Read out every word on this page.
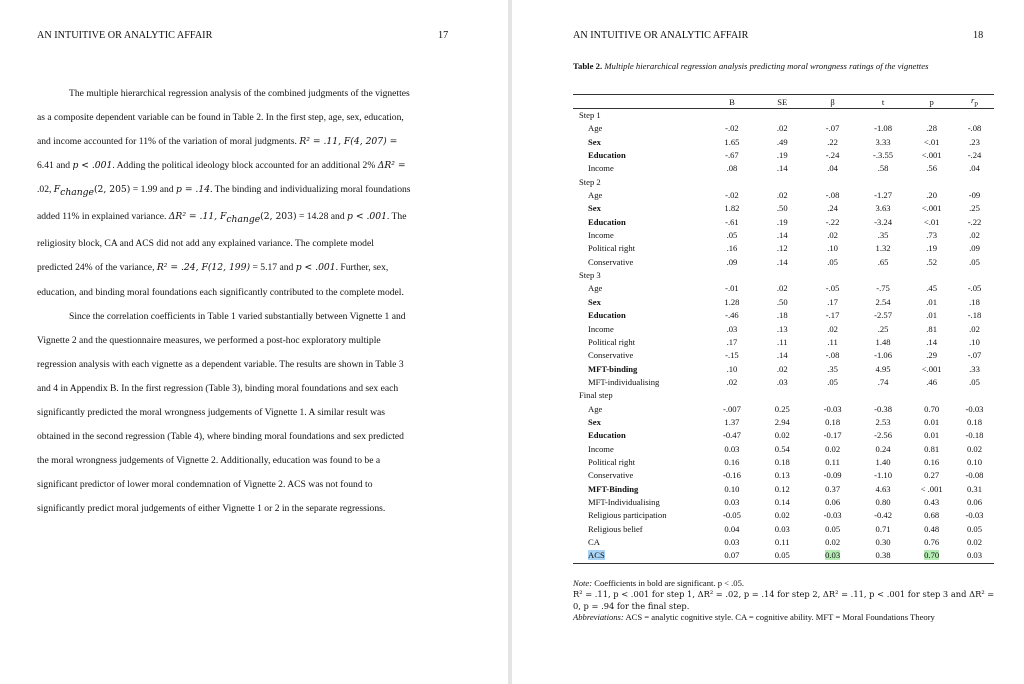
AN INTUITIVE OR ANALYTIC AFFAIR	17

The multiple hierarchical regression analysis of the combined judgments of the vignettes
as a composite dependent variable can be found in Table 2. In the first step, age, sex, education,
and income accounted for 11% of the variation of moral judgments. R² = .11, F(4, 207) =
6.41 and p < .001. Adding the political ideology block accounted for an additional 2% ΔR² =
.02, $F_{change}(2$, 205) = 1.99 and p = .14. The binding and individualizing moral foundations
added 11% in explained variance. ΔR² = .11, $F_{change}(2$, 203) = 14.28 and p < .001. The
religiosity block, CA and ACS did not add any explained variance. The complete model
predicted 24% of the variance, R² = .24, F(12, 199) = 5.17 and p < .001. Further, sex,
education, and binding moral foundations each significantly contributed to the complete model.

Since the correlation coefficients in Table 1 varied substantially between Vignette 1 and
Vignette 2 and the questionnaire measures, we performed a post-hoc exploratory multiple
regression analysis with each vignette as a dependent variable. The results are shown in Table 3
and 4 in Appendix B. In the first regression (Table 3), binding moral foundations and sex each
significantly predicted the moral wrongness judgements of Vignette 1. A similar result was
obtained in the second regression (Table 4), where binding moral foundations and sex predicted
the moral wrongness judgements of Vignette 2. Additionally, education was found to be a
significant predictor of lower moral condemnation of Vignette 2. ACS was not found to
significantly predict moral judgements of either Vignette 1 or 2 in the separate regressions.

AN INTUITIVE OR ANALYTIC AFFAIR	18
Table 2. Multiple hierarchical regression analysis predicting moral wrongness ratings of the vignettes
	B	SE	β	t	p	$r_p$
Step 1						
Age	-.02	.02	-.07	-1.08	.28	-.08
Sex	1.65	.49	.22	3.33	<.01	.23
Education	-.67	.19	-.24	-.3.55	<.001	-.24
Income	.08	.14	.04	.58	.56	.04
Step 2						
Age	-.02	.02	-.08	-1.27	.20	-09
Sex	1.82	.50	.24	3.63	<.001	.25
Education	-.61	.19	-.22	-3.24	<.01	-.22
Income	.05	.14	.02	.35	.73	.02
Political right	.16	.12	.10	1.32	.19	.09
Conservative	.09	.14	.05	.65	.52	.05
Step 3						
Age	-.01	.02	-.05	-.75	.45	-.05
Sex	1.28	.50	.17	2.54	.01	.18
Education	-.46	.18	-.17	-2.57	.01	-.18
Income	.03	.13	.02	.25	.81	.02
Political right	.17	.11	.11	1.48	.14	.10
Conservative	-.15	.14	-.08	-1.06	.29	-.07
MFT-binding	.10	.02	.35	4.95	<.001	.33
MFT-individualising	.02	.03	.05	.74	.46	.05
Final step						
Age	-.007	0.25	-0.03	-0.38	0.70	-0.03
Sex	1.37	2.94	0.18	2.53	0.01	0.18
Education	-0.47	0.02	-0.17	-2.56	0.01	-0.18
Income	0.03	0.54	0.02	0.24	0.81	0.02
Political right	0.16	0.18	0.11	1.40	0.16	0.10
Conservative	-0.16	0.13	-0.09	-1.10	0.27	-0.08
MFT-Binding	0.10	0.12	0.37	4.63	< .001	0.31
MFT-Individualising	0.03	0.14	0.06	0.80	0.43	0.06
Religious participation	-0.05	0.02	-0.03	-0.42	0.68	-0.03
Religious belief	0.04	0.03	0.05	0.71	0.48	0.05
CA	0.03	0.11	0.02	0.30	0.76	0.02
ACS	0.07	0.05	0.03	0.38	0.70	0.03

Note: Coefficients in bold are significant. p < .05.

R² = .11, p < .001 for step 1, ΔR² = .02, p = .14 for step 2, ΔR² = .11, p < .001 for step 3 and ΔR² =

0, p = .94 for the final step.

Abbreviations: ACS = analytic cognitive style. CA = cognitive ability. MFT = Moral Foundations Theory
